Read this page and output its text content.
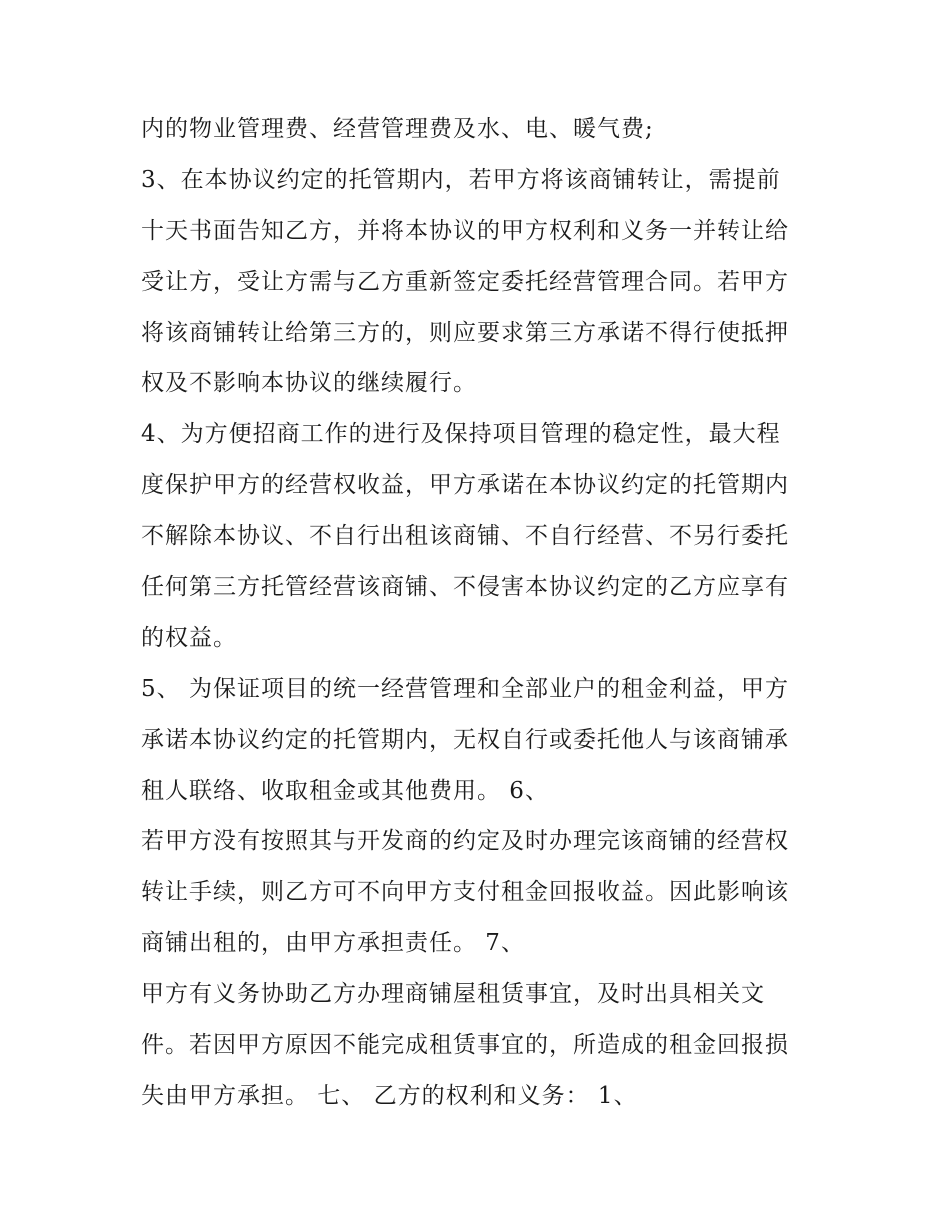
内的物业管理费、经营管理费及水、电、暖气费;
3、在本协议约定的托管期内，若甲方将该商铺转让，需提前
十天书面告知乙方，并将本协议的甲方权利和义务一并转让给
受让方，受让方需与乙方重新签定委托经营管理合同。若甲方
将该商铺转让给第三方的，则应要求第三方承诺不得行使抵押
权及不影响本协议的继续履行。
4、为方便招商工作的进行及保持项目管理的稳定性，最大程
度保护甲方的经营权收益，甲方承诺在本协议约定的托管期内
不解除本协议、不自行出租该商铺、不自行经营、不另行委托
任何第三方托管经营该商铺、不侵害本协议约定的乙方应享有
的权益。
5、 为保证项目的统一经营管理和全部业户的租金利益，甲方
承诺本协议约定的托管期内，无权自行或委托他人与该商铺承
租人联络、收取租金或其他费用。 6、
若甲方没有按照其与开发商的约定及时办理完该商铺的经营权
转让手续，则乙方可不向甲方支付租金回报收益。因此影响该
商铺出租的，由甲方承担责任。 7、
甲方有义务协助乙方办理商铺屋租赁事宜，及时出具相关文
件。若因甲方原因不能完成租赁事宜的，所造成的租金回报损
失由甲方承担。 七、 乙方的权利和义务： 1、
